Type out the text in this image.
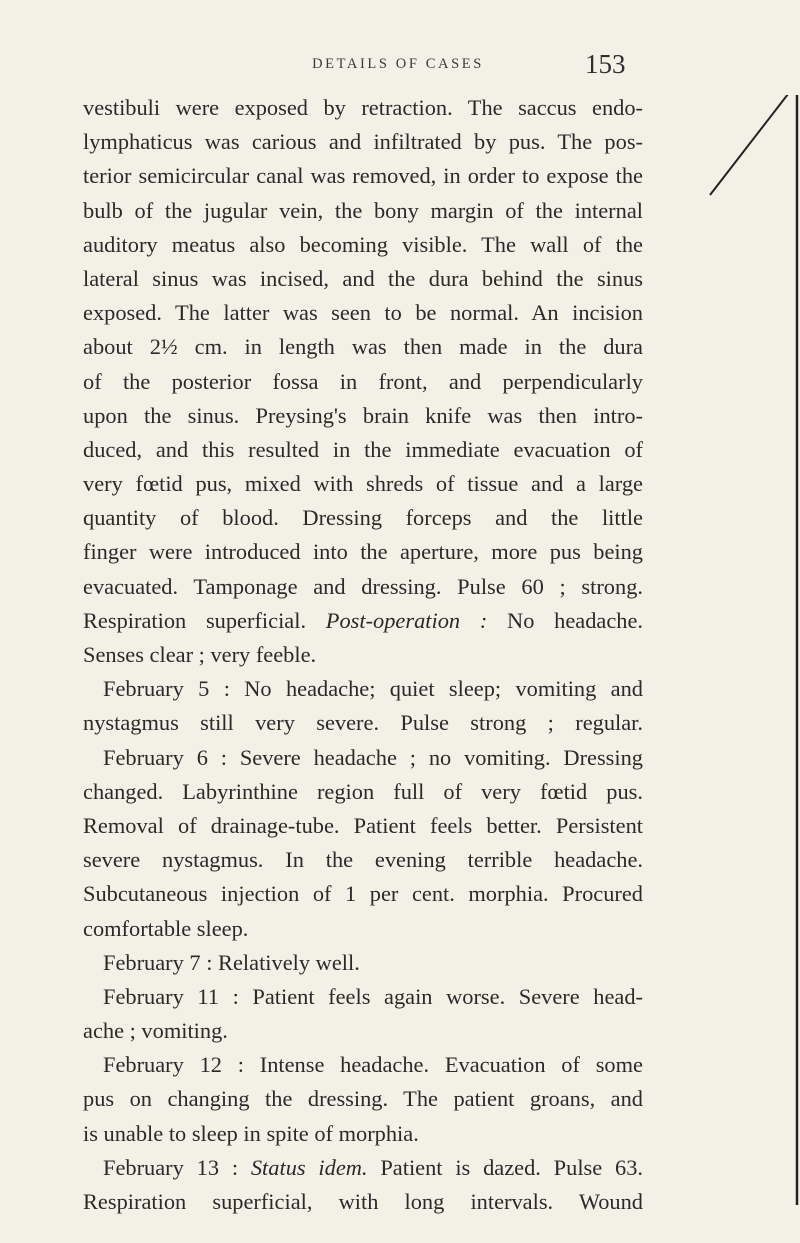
DETAILS OF CASES	153
vestibuli were exposed by retraction. The saccus endo-
lymphaticus was carious and infiltrated by pus. The pos-
terior semicircular canal was removed, in order to expose the
bulb of the jugular vein, the bony margin of the internal
auditory meatus also becoming visible. The wall of the
lateral sinus was incised, and the dura behind the sinus
exposed. The latter was seen to be normal. An incision
about 2½ cm. in length was then made in the dura
of the posterior fossa in front, and perpendicularly
upon the sinus. Preysing's brain knife was then intro-
duced, and this resulted in the immediate evacuation of
very fœtid pus, mixed with shreds of tissue and a large
quantity of blood. Dressing forceps and the little
finger were introduced into the aperture, more pus being
evacuated. Tamponage and dressing. Pulse 60 ; strong.
Respiration superficial. Post-operation : No headache.
Senses clear ; very feeble.
February 5 : No headache; quiet sleep; vomiting and
nystagmus still very severe. Pulse strong ; regular.
February 6 : Severe headache ; no vomiting. Dressing
changed. Labyrinthine region full of very fœtid pus.
Removal of drainage-tube. Patient feels better. Persistent
severe nystagmus. In the evening terrible headache.
Subcutaneous injection of 1 per cent. morphia. Procured
comfortable sleep.
February 7 : Relatively well.
February 11 : Patient feels again worse. Severe head-
ache ; vomiting.
February 12 : Intense headache. Evacuation of some
pus on changing the dressing. The patient groans, and
is unable to sleep in spite of morphia.
February 13 : Status idem. Patient is dazed. Pulse 63.
Respiration superficial, with long intervals. Wound
